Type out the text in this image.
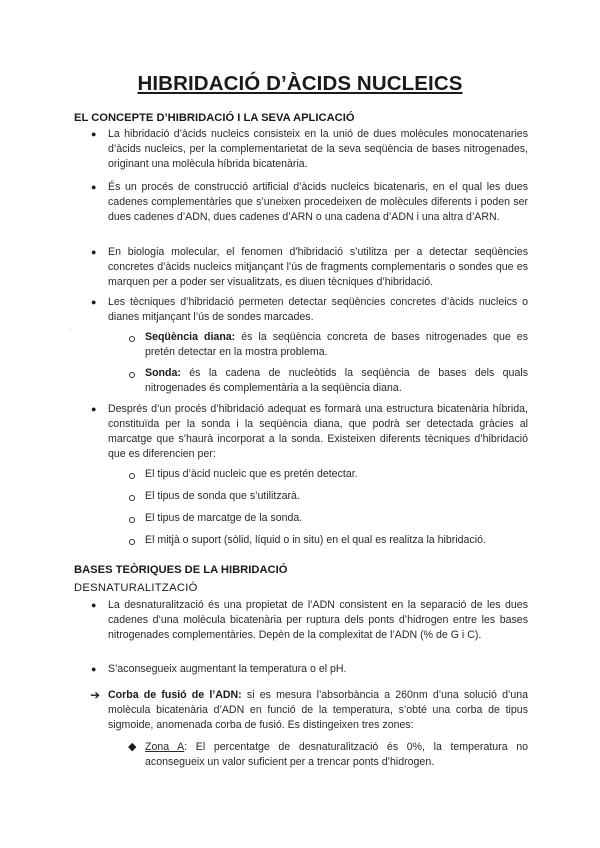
HIBRIDACIÓ D’ÀCIDS NUCLEICS
EL CONCEPTE D’HIBRIDACIÓ I LA SEVA APLICACIÓ
● La hibridació d’àcids nucleics consisteix en la unió de dues molècules monocatenaries d’àcids nucleics, per la complementarietat de la seva seqüència de bases nitrogenades, originant una molècula híbrida bicatenària.
● És un procés de construcció artificial d’àcids nucleics bicatenaris, en el qual les dues cadenes complementàries que s’uneixen procedeixen de molècules diferents i poden ser dues cadenes d’ADN, dues cadenes d’ARN o una cadena d’ADN i una altra d’ARN.
● En biologia molecular, el fenomen d’hibridació s’utilitza per a detectar seqüències concretes d’àcids nucleics mitjançant l’ús de fragments complementaris o sondes que es marquen per a poder ser visualitzats, es diuen tècniques d’hibridació.
● Les tècniques d’hibridació permeten detectar seqüències concretes d’àcids nucleics o dianes mitjançant l’ús de sondes marcades.
.
Seqüència diana: és la seqüència concreta de bases nitrogenades que es pretén detectar en la mostra problema.
Sonda: és la cadena de nucleòtids la seqüència de bases dels quals nitrogenades és complementària a la seqüència diana.
● Després d’un procés d’hibridació adequat es formarà una estructura bicatenària híbrida, constituïda per la sonda i la seqüència diana, que podrà ser detectada gràcies al marcatge que s’haurà incorporat a la sonda. Existeixen diferents tècniques d’hibridació que es diferencien per:
El tipus d’àcid nucleic que es pretén detectar.
El tipus de sonda que s’utilitzarà.
El tipus de marcatge de la sonda.
El mitjà o suport (sòlid, líquid o in situ) en el qual es realitza la hibridació.
BASES TEÒRIQUES DE LA HIBRIDACIÓ
DESNATURALITZACIÓ
● La desnaturalització és una propietat de l’ADN consistent en la separació de les dues cadenes d’una molècula bicatenària per ruptura dels ponts d’hidrogen entre les bases nitrogenades complementàries. Depèn de la complexitat de l’ADN (% de G i C).
● S’aconsegueix augmentant la temperatura o el pH.
➔ Corba de fusió de l’ADN: si es mesura l’absorbància a 260nm d’una solució d’una molècula bicatenària d’ADN en funció de la temperatura, s’obté una corba de tipus sigmoide, anomenada corba de fusió. Es distingeixen tres zones:
◆ Zona A: El percentatge de desnaturalització és 0%, la temperatura no aconsegueix un valor suficient per a trencar ponts d’hidrogen.
